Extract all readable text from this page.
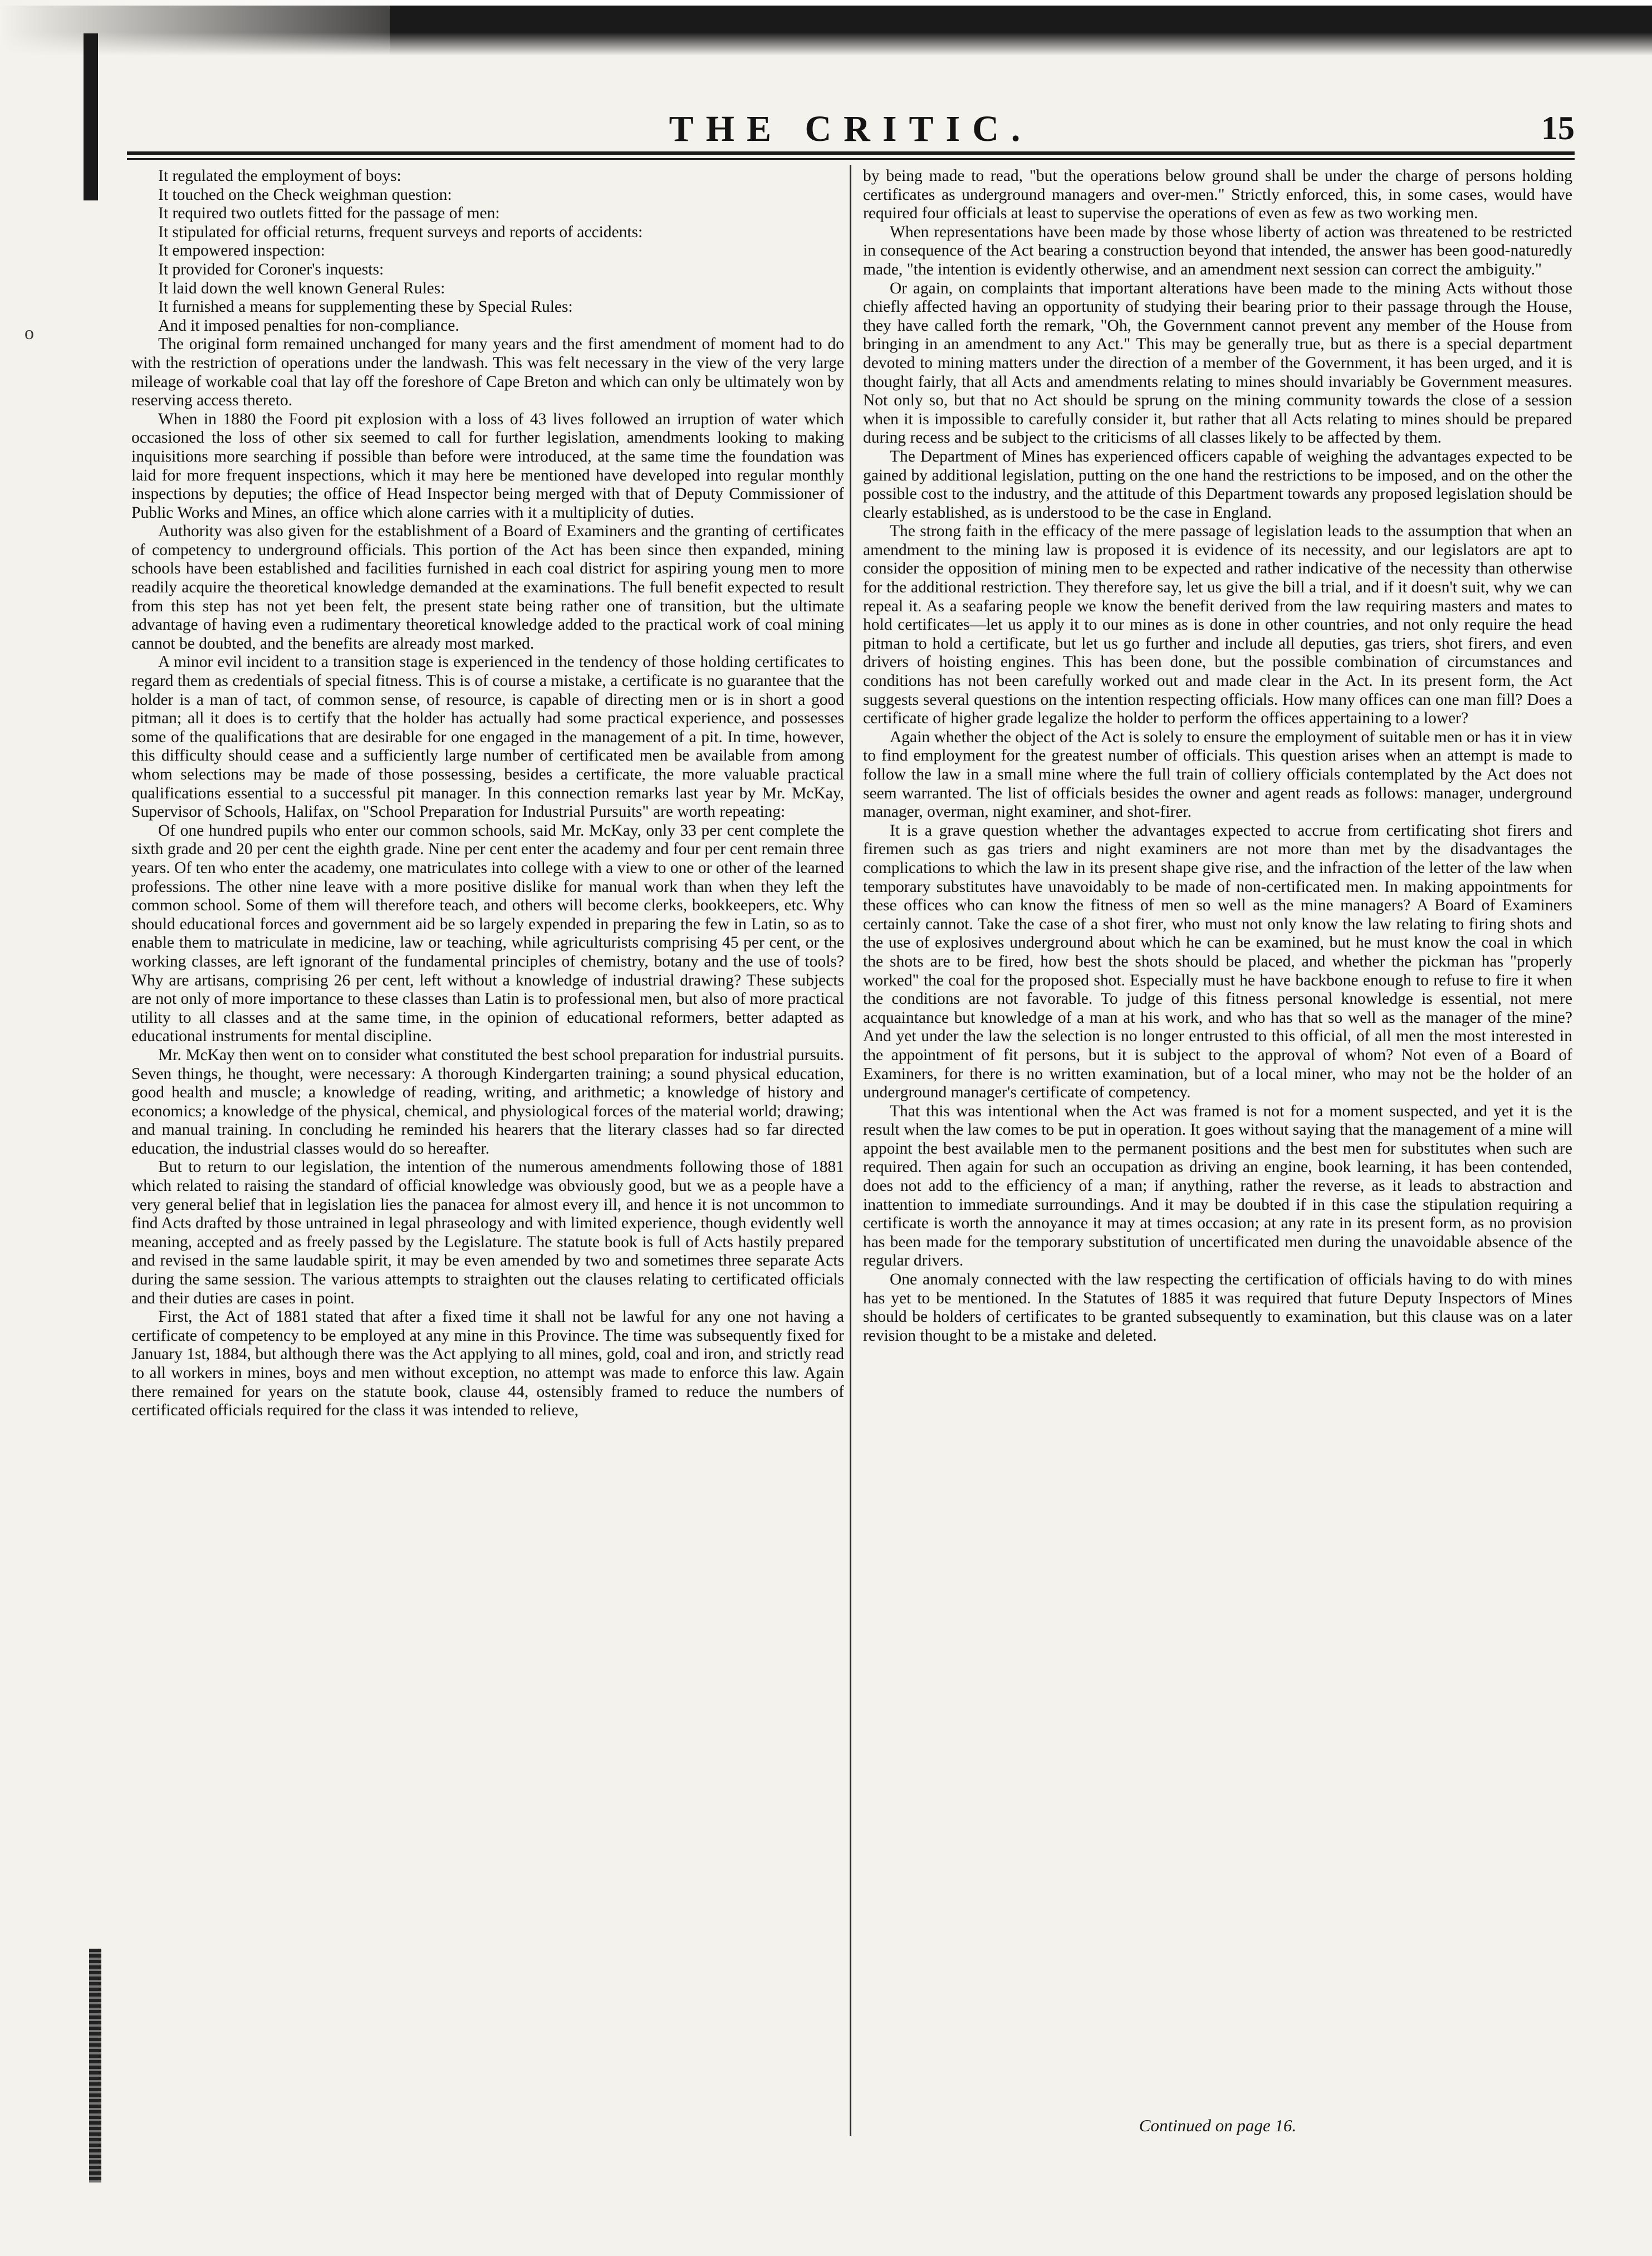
o
THE CRITIC.	15

It regulated the employment of boys:

It touched on the Check weighman question:

It required two outlets fitted for the passage of men:

It stipulated for official returns, frequent surveys and reports of accidents:

It empowered inspection:

It provided for Coroner's inquests:

It laid down the well known General Rules:

It furnished a means for supplementing these by Special Rules:

And it imposed penalties for non-compliance.

The original form remained unchanged for many years and the first amendment of moment had to do with the restriction of operations under the landwash. This was felt necessary in the view of the very large mileage of workable coal that lay off the foreshore of Cape Breton and which can only be ultimately won by reserving access thereto.

When in 1880 the Foord pit explosion with a loss of 43 lives followed an irruption of water which occasioned the loss of other six seemed to call for further legislation, amendments looking to making inquisitions more searching if possible than before were introduced, at the same time the foundation was laid for more frequent inspections, which it may here be mentioned have developed into regular monthly inspections by deputies; the office of Head Inspector being merged with that of Deputy Commissioner of Public Works and Mines, an office which alone carries with it a multiplicity of duties.

Authority was also given for the establishment of a Board of Examiners and the granting of certificates of competency to underground officials. This portion of the Act has been since then expanded, mining schools have been established and facilities furnished in each coal district for aspiring young men to more readily acquire the theoretical knowledge demanded at the examinations. The full benefit expected to result from this step has not yet been felt, the present state being rather one of transition, but the ultimate advantage of having even a rudimentary theoretical knowledge added to the practical work of coal mining cannot be doubted, and the benefits are already most marked.

A minor evil incident to a transition stage is experienced in the tendency of those holding certificates to regard them as credentials of special fitness. This is of course a mistake, a certificate is no guarantee that the holder is a man of tact, of common sense, of resource, is capable of directing men or is in short a good pitman; all it does is to certify that the holder has actually had some practical experience, and possesses some of the qualifications that are desirable for one engaged in the management of a pit. In time, however, this difficulty should cease and a sufficiently large number of certificated men be available from among whom selections may be made of those possessing, besides a certificate, the more valuable practical qualifications essential to a successful pit manager. In this connection remarks last year by Mr. McKay, Supervisor of Schools, Halifax, on "School Preparation for Industrial Pursuits" are worth repeating:

Of one hundred pupils who enter our common schools, said Mr. McKay, only 33 per cent complete the sixth grade and 20 per cent the eighth grade. Nine per cent enter the academy and four per cent remain three years. Of ten who enter the academy, one matriculates into college with a view to one or other of the learned professions. The other nine leave with a more positive dislike for manual work than when they left the common school. Some of them will therefore teach, and others will become clerks, bookkeepers, etc. Why should educational forces and government aid be so largely expended in preparing the few in Latin, so as to enable them to matriculate in medicine, law or teaching, while agriculturists comprising 45 per cent, or the working classes, are left ignorant of the fundamental principles of chemistry, botany and the use of tools? Why are artisans, comprising 26 per cent, left without a knowledge of industrial drawing? These subjects are not only of more importance to these classes than Latin is to professional men, but also of more practical utility to all classes and at the same time, in the opinion of educational reformers, better adapted as educational instruments for mental discipline.

Mr. McKay then went on to consider what constituted the best school preparation for industrial pursuits. Seven things, he thought, were necessary: A thorough Kindergarten training; a sound physical education, good health and muscle; a knowledge of reading, writing, and arithmetic; a knowledge of history and economics; a knowledge of the physical, chemical, and physiological forces of the material world; drawing; and manual training. In concluding he reminded his hearers that the literary classes had so far directed education, the industrial classes would do so hereafter.

But to return to our legislation, the intention of the numerous amendments following those of 1881 which related to raising the standard of official knowledge was obviously good, but we as a people have a very general belief that in legislation lies the panacea for almost every ill, and hence it is not uncommon to find Acts drafted by those untrained in legal phraseology and with limited experience, though evidently well meaning, accepted and as freely passed by the Legislature. The statute book is full of Acts hastily prepared and revised in the same laudable spirit, it may be even amended by two and sometimes three separate Acts during the same session. The various attempts to straighten out the clauses relating to certificated officials and their duties are cases in point.

First, the Act of 1881 stated that after a fixed time it shall not be lawful for any one not having a certificate of competency to be employed at any mine in this Province. The time was subsequently fixed for January 1st, 1884, but although there was the Act applying to all mines, gold, coal and iron, and strictly read to all workers in mines, boys and men without exception, no attempt was made to enforce this law. Again there remained for years on the statute book, clause 44, ostensibly framed to reduce the numbers of certificated officials required for the class it was intended to relieve,

by being made to read, "but the operations below ground shall be under the charge of persons holding certificates as underground managers and over-men." Strictly enforced, this, in some cases, would have required four officials at least to supervise the operations of even as few as two working men.

When representations have been made by those whose liberty of action was threatened to be restricted in consequence of the Act bearing a construction beyond that intended, the answer has been good-naturedly made, "the intention is evidently otherwise, and an amendment next session can correct the ambiguity."

Or again, on complaints that important alterations have been made to the mining Acts without those chiefly affected having an opportunity of studying their bearing prior to their passage through the House, they have called forth the remark, "Oh, the Government cannot prevent any member of the House from bringing in an amendment to any Act." This may be generally true, but as there is a special department devoted to mining matters under the direction of a member of the Government, it has been urged, and it is thought fairly, that all Acts and amendments relating to mines should invariably be Government measures. Not only so, but that no Act should be sprung on the mining community towards the close of a session when it is impossible to carefully consider it, but rather that all Acts relating to mines should be prepared during recess and be subject to the criticisms of all classes likely to be affected by them.

The Department of Mines has experienced officers capable of weighing the advantages expected to be gained by additional legislation, putting on the one hand the restrictions to be imposed, and on the other the possible cost to the industry, and the attitude of this Department towards any proposed legislation should be clearly established, as is understood to be the case in England.

The strong faith in the efficacy of the mere passage of legislation leads to the assumption that when an amendment to the mining law is proposed it is evidence of its necessity, and our legislators are apt to consider the opposition of mining men to be expected and rather indicative of the necessity than otherwise for the additional restriction. They therefore say, let us give the bill a trial, and if it doesn't suit, why we can repeal it. As a seafaring people we know the benefit derived from the law requiring masters and mates to hold certificates—let us apply it to our mines as is done in other countries, and not only require the head pitman to hold a certificate, but let us go further and include all deputies, gas triers, shot firers, and even drivers of hoisting engines. This has been done, but the possible combination of circumstances and conditions has not been carefully worked out and made clear in the Act. In its present form, the Act suggests several questions on the intention respecting officials. How many offices can one man fill? Does a certificate of higher grade legalize the holder to perform the offices appertaining to a lower?

Again whether the object of the Act is solely to ensure the employment of suitable men or has it in view to find employment for the greatest number of officials. This question arises when an attempt is made to follow the law in a small mine where the full train of colliery officials contemplated by the Act does not seem warranted. The list of officials besides the owner and agent reads as follows: manager, underground manager, overman, night examiner, and shot-firer.

It is a grave question whether the advantages expected to accrue from certificating shot firers and firemen such as gas triers and night examiners are not more than met by the disadvantages the complications to which the law in its present shape give rise, and the infraction of the letter of the law when temporary substitutes have unavoidably to be made of non-certificated men. In making appointments for these offices who can know the fitness of men so well as the mine managers? A Board of Examiners certainly cannot. Take the case of a shot firer, who must not only know the law relating to firing shots and the use of explosives underground about which he can be examined, but he must know the coal in which the shots are to be fired, how best the shots should be placed, and whether the pickman has "properly worked" the coal for the proposed shot. Especially must he have backbone enough to refuse to fire it when the conditions are not favorable. To judge of this fitness personal knowledge is essential, not mere acquaintance but knowledge of a man at his work, and who has that so well as the manager of the mine? And yet under the law the selection is no longer entrusted to this official, of all men the most interested in the appointment of fit persons, but it is subject to the approval of whom? Not even of a Board of Examiners, for there is no written examination, but of a local miner, who may not be the holder of an underground manager's certificate of competency.

That this was intentional when the Act was framed is not for a moment suspected, and yet it is the result when the law comes to be put in operation. It goes without saying that the management of a mine will appoint the best available men to the permanent positions and the best men for substitutes when such are required. Then again for such an occupation as driving an engine, book learning, it has been contended, does not add to the efficiency of a man; if anything, rather the reverse, as it leads to abstraction and inattention to immediate surroundings. And it may be doubted if in this case the stipulation requiring a certificate is worth the annoyance it may at times occasion; at any rate in its present form, as no provision has been made for the temporary substitution of uncertificated men during the unavoidable absence of the regular drivers.

One anomaly connected with the law respecting the certification of officials having to do with mines has yet to be mentioned. In the Statutes of 1885 it was required that future Deputy Inspectors of Mines should be holders of certificates to be granted subsequently to examination, but this clause was on a later revision thought to be a mistake and deleted.

Continued on page 16.
